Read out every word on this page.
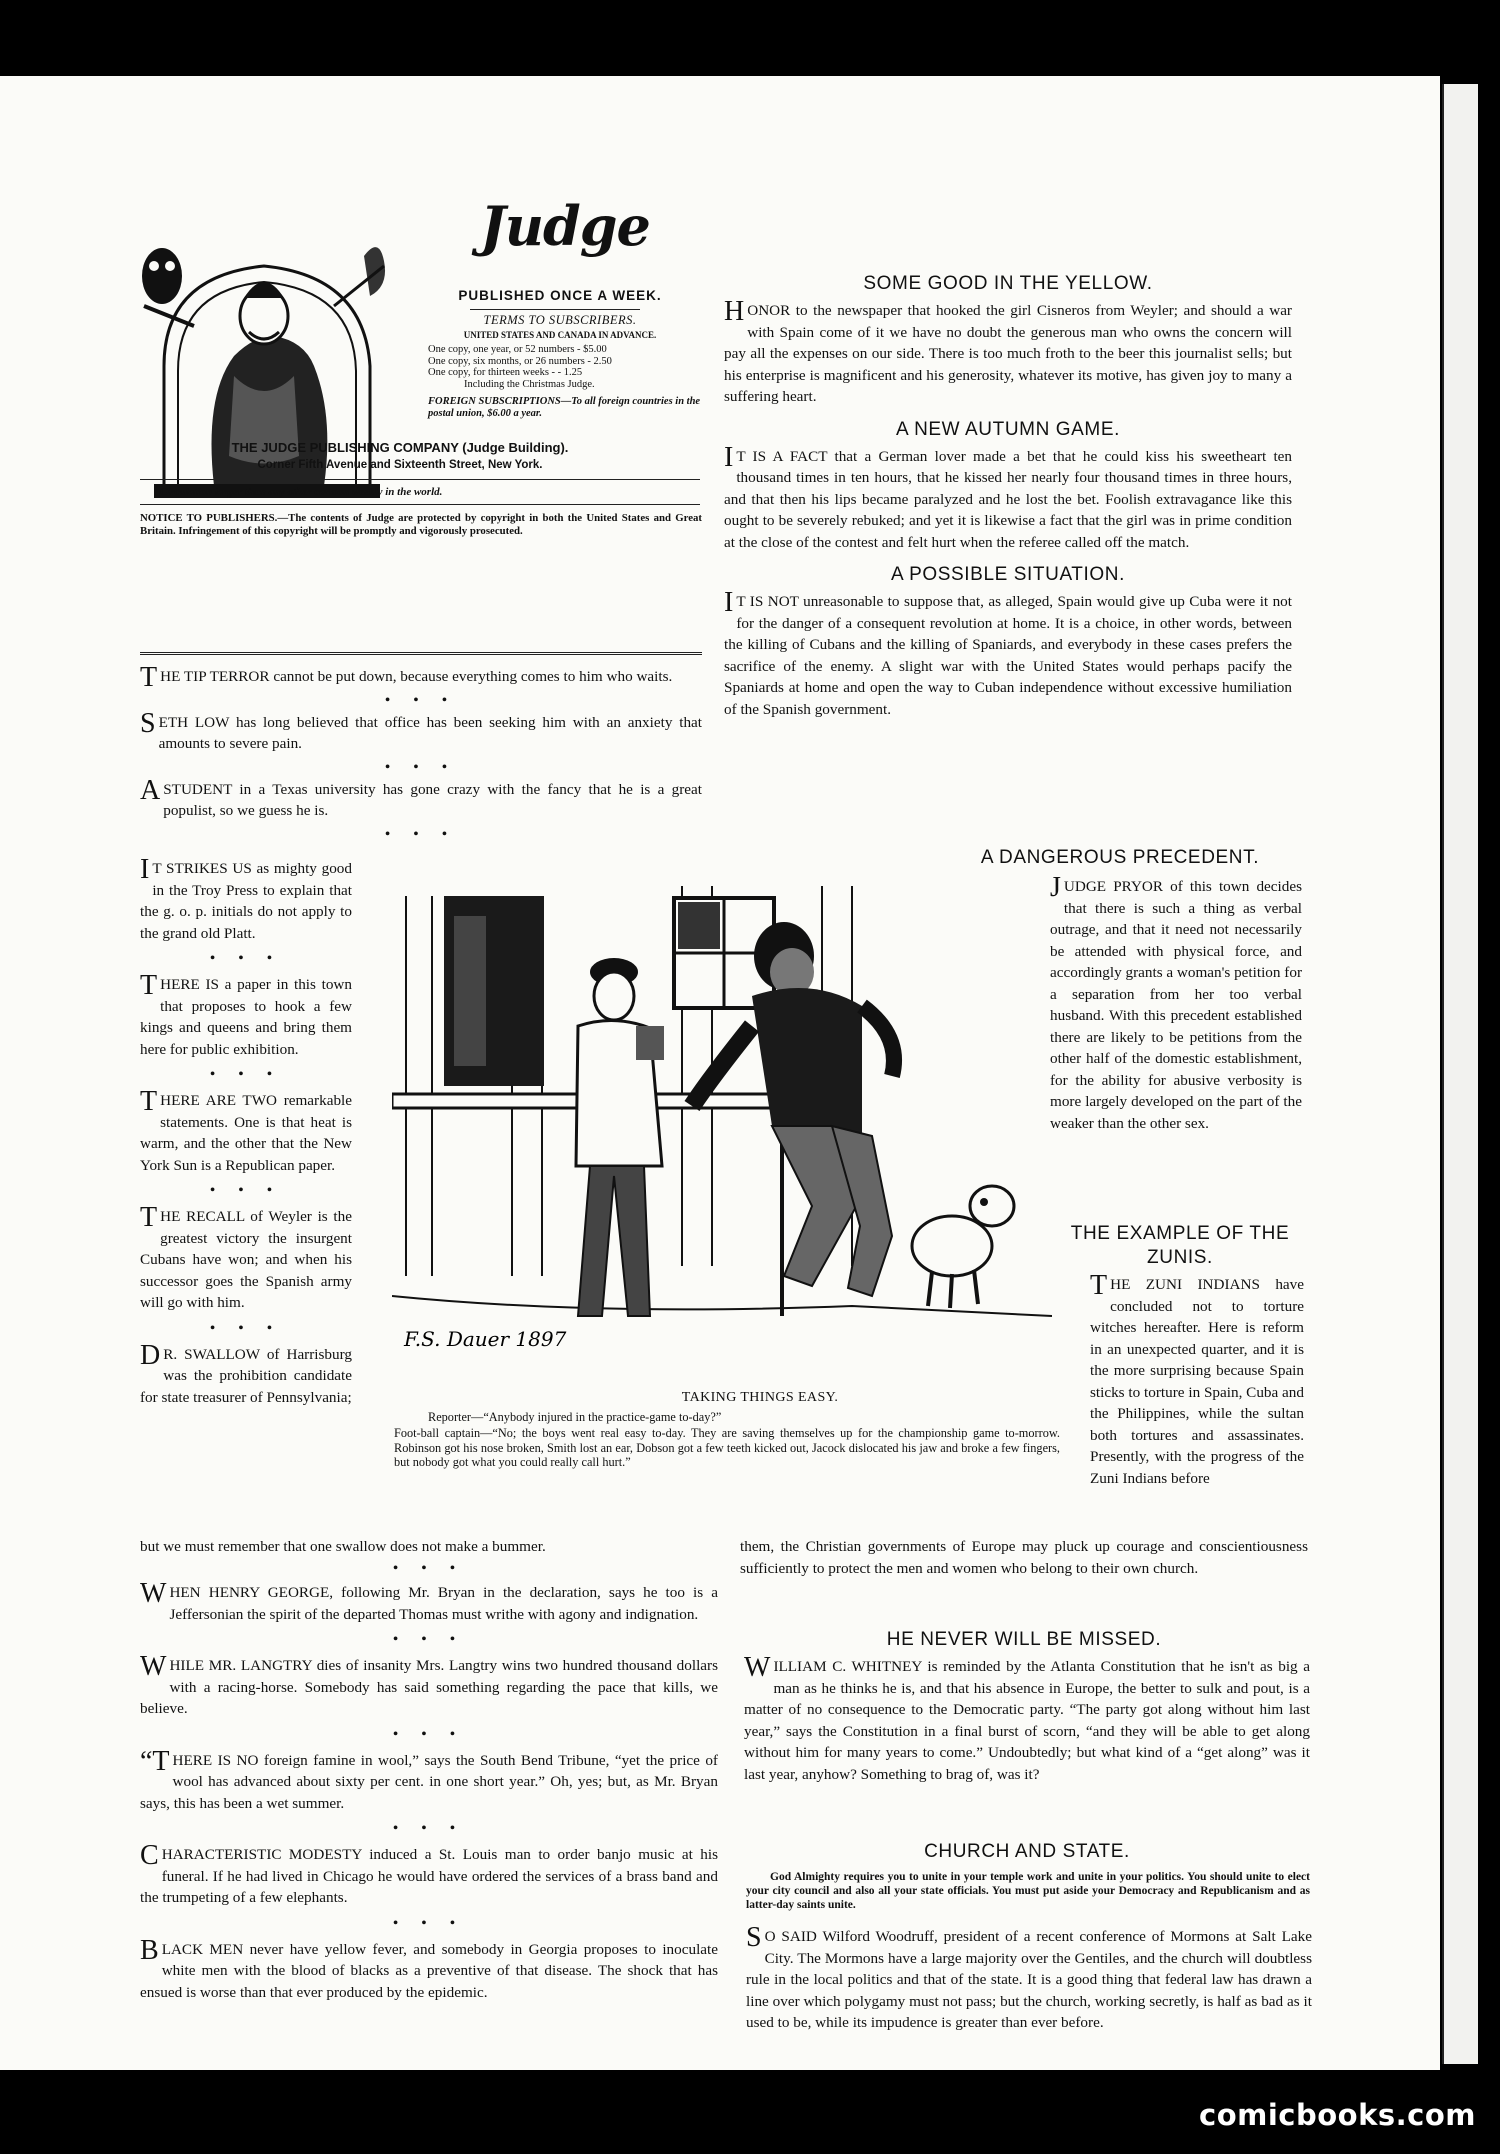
Judge
PUBLISHED ONCE A WEEK.
TERMS TO SUBSCRIBERS.
UNITED STATES AND CANADA IN ADVANCE.
One copy, one year, or 52 numbers - $5.00
One copy, six months, or 26 numbers - 2.50
One copy, for thirteen weeks - - 1.25
Including the Christmas Judge.
FOREIGN SUBSCRIPTIONS—To all foreign countries in the postal union, $6.00 a year.
THE JUDGE PUBLISHING COMPANY (Judge Building).
Corner Fifth Avenue and Sixteenth Street, New York.
Circulation larger than any other cartoon weekly in the world.
NOTICE TO PUBLISHERS.—The contents of Judge are protected by copyright in both the United States and Great Britain. Infringement of this copyright will be promptly and vigorously prosecuted.

THE TIP TERROR cannot be put down, because everything comes to him who waits.

• • •

SETH LOW has long believed that office has been seeking him with an anxiety that amounts to severe pain.

• • •

A STUDENT in a Texas university has gone crazy with the fancy that he is a great populist, so we guess he is.

• • •

I T STRIKES US as mighty good in the Troy Press to explain that the g. o. p. initials do not apply to the grand old Platt.

• • •

THERE IS a paper in this town that proposes to hook a few kings and queens and bring them here for public exhibition.

• • •

THERE ARE TWO remarkable statements. One is that heat is warm, and the other that the New York Sun is a Republican paper.

• • •

THE RECALL of Weyler is the greatest victory the insurgent Cubans have won; and when his successor goes the Spanish army will go with him.

• • •

D R. SWALLOW of Harrisburg was the prohibition candidate for state treasurer of Pennsylvania;

F.S. Dauer 1897
TAKING THINGS EASY.
Reporter—“Anybody injured in the practice-game to-day?”
Foot-ball captain—“No; the boys went real easy to-day. They are saving themselves up for the championship game to-morrow. Robinson got his nose broken, Smith lost an ear, Dobson got a few teeth kicked out, Jacock dislocated his jaw and broke a few fingers, but nobody got what you could really call hurt.”
but we must remember that one swallow does not make a bummer.
• • •

WHEN HENRY GEORGE, following Mr. Bryan in the declaration, says he too is a Jeffersonian the spirit of the departed Thomas must writhe with agony and indignation.

• • •

WHILE MR. LANGTRY dies of insanity Mrs. Langtry wins two hundred thousand dollars with a racing-horse. Somebody has said something regarding the pace that kills, we believe.

• • •

“THERE IS NO foreign famine in wool,” says the South Bend Tribune, “yet the price of wool has advanced about sixty per cent. in one short year.” Oh, yes; but, as Mr. Bryan says, this has been a wet summer.

• • •

CHARACTERISTIC MODESTY induced a St. Louis man to order banjo music at his funeral. If he had lived in Chicago he would have ordered the services of a brass band and the trumpeting of a few elephants.

• • •

BLACK MEN never have yellow fever, and somebody in Georgia proposes to inoculate white men with the blood of blacks as a preventive of that disease. The shock that has ensued is worse than that ever produced by the epidemic.

SOME GOOD IN THE YELLOW.

HONOR to the newspaper that hooked the girl Cisneros from Weyler; and should a war with Spain come of it we have no doubt the generous man who owns the concern will pay all the expenses on our side. There is too much froth to the beer this journalist sells; but his enterprise is magnificent and his generosity, whatever its motive, has given joy to many a suffering heart.

A NEW AUTUMN GAME.

I T IS A FACT that a German lover made a bet that he could kiss his sweetheart ten thousand times in ten hours, that he kissed her nearly four thousand times in three hours, and that then his lips became paralyzed and he lost the bet. Foolish extravagance like this ought to be severely rebuked; and yet it is likewise a fact that the girl was in prime condition at the close of the contest and felt hurt when the referee called off the match.

A POSSIBLE SITUATION.

I T IS NOT unreasonable to suppose that, as alleged, Spain would give up Cuba were it not for the danger of a consequent revolution at home. It is a choice, in other words, between the killing of Cubans and the killing of Spaniards, and everybody in these cases prefers the sacrifice of the enemy. A slight war with the United States would perhaps pacify the Spaniards at home and open the way to Cuban independence without excessive humiliation of the Spanish government.

A DANGEROUS PRECEDENT.
JUDGE PRYOR of this town decides that there is such a thing as verbal outrage, and that it need not necessarily be attended with physical force, and accordingly grants a woman's petition for a separation from her too verbal husband. With this precedent established there are likely to be petitions from the other half of the domestic establishment, for the ability for abusive verbosity is more largely developed on the part of the weaker than the other sex.
THE EXAMPLE OF THE ZUNIS.
THE ZUNI INDIANS have concluded not to torture witches hereafter. Here is reform in an unexpected quarter, and it is the more surprising because Spain sticks to torture in Spain, Cuba and the Philippines, while the sultan both tortures and assassinates. Presently, with the progress of the Zuni Indians before
them, the Christian governments of Europe may pluck up courage and conscientiousness sufficiently to protect the men and women who belong to their own church.
HE NEVER WILL BE MISSED.
WILLIAM C. WHITNEY is reminded by the Atlanta Constitution that he isn't as big a man as he thinks he is, and that his absence in Europe, the better to sulk and pout, is a matter of no consequence to the Democratic party. “The party got along without him last year,” says the Constitution in a final burst of scorn, “and they will be able to get along without him for many years to come.” Undoubtedly; but what kind of a “get along” was it last year, anyhow? Something to brag of, was it?
CHURCH AND STATE.
God Almighty requires you to unite in your temple work and unite in your politics. You should unite to elect your city council and also all your state officials. You must put aside your Democracy and Republicanism and as latter-day saints unite.
S O SAID Wilford Woodruff, president of a recent conference of Mormons at Salt Lake City. The Mormons have a large majority over the Gentiles, and the church will doubtless rule in the local politics and that of the state. It is a good thing that federal law has drawn a line over which polygamy must not pass; but the church, working secretly, is half as bad as it used to be, while its impudence is greater than ever before.
comicbooks.com
